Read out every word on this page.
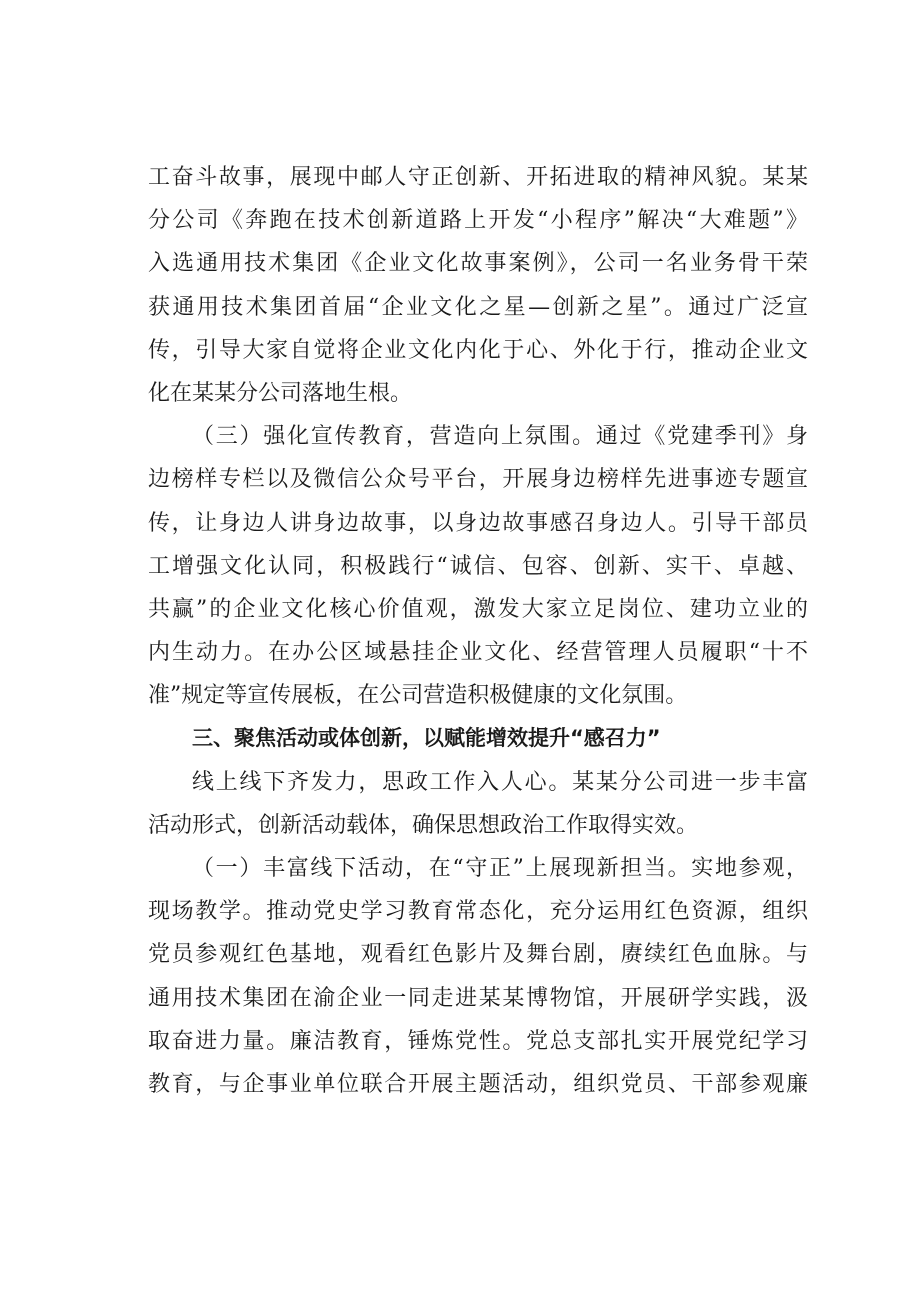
工奋斗故事，展现中邮人守正创新、开拓进取的精神风貌。某某
分公司《奔跑在技术创新道路上开发“小程序”解决“大难题”》
入选通用技术集团《企业文化故事案例》，公司一名业务骨干荣
获通用技术集团首届“企业文化之星—创新之星”。通过广泛宣
传，引导大家自觉将企业文化内化于心、外化于行，推动企业文
化在某某分公司落地生根。
（三）强化宣传教育，营造向上氛围。通过《党建季刊》身
边榜样专栏以及微信公众号平台，开展身边榜样先进事迹专题宣
传，让身边人讲身边故事，以身边故事感召身边人。引导干部员
工增强文化认同，积极践行“诚信、包容、创新、实干、卓越、
共赢”的企业文化核心价值观，激发大家立足岗位、建功立业的
内生动力。在办公区域悬挂企业文化、经营管理人员履职“十不
准”规定等宣传展板，在公司营造积极健康的文化氛围。
三、聚焦活动或体创新，以赋能增效提升“感召力”
线上线下齐发力，思政工作入人心。某某分公司进一步丰富
活动形式，创新活动载体，确保思想政治工作取得实效。
（一）丰富线下活动，在“守正”上展现新担当。实地参观，
现场教学。推动党史学习教育常态化，充分运用红色资源，组织
党员参观红色基地，观看红色影片及舞台剧，赓续红色血脉。与
通用技术集团在渝企业一同走进某某博物馆，开展研学实践，汲
取奋进力量。廉洁教育，锤炼党性。党总支部扎实开展党纪学习
教育，与企事业单位联合开展主题活动，组织党员、干部参观廉
